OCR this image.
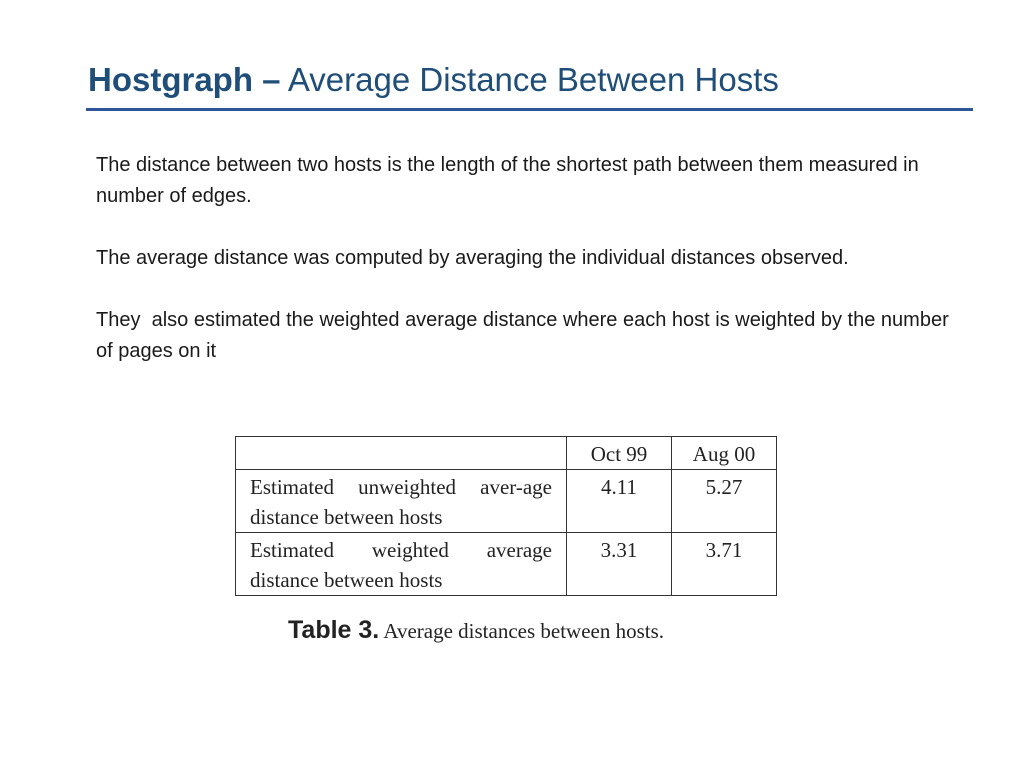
Hostgraph – Average Distance Between Hosts

The distance between two hosts is the length of the shortest path between them measured in number of edges.

The average distance was computed by averaging the individual distances observed.

They  also estimated the weighted average distance where each host is weighted by the number of pages on it

	Oct 99	Aug 00
Estimated unweighted aver-age distance between hosts	4.11	5.27
Estimated weighted average distance between hosts	3.31	3.71

Table 3. Average distances between hosts.
